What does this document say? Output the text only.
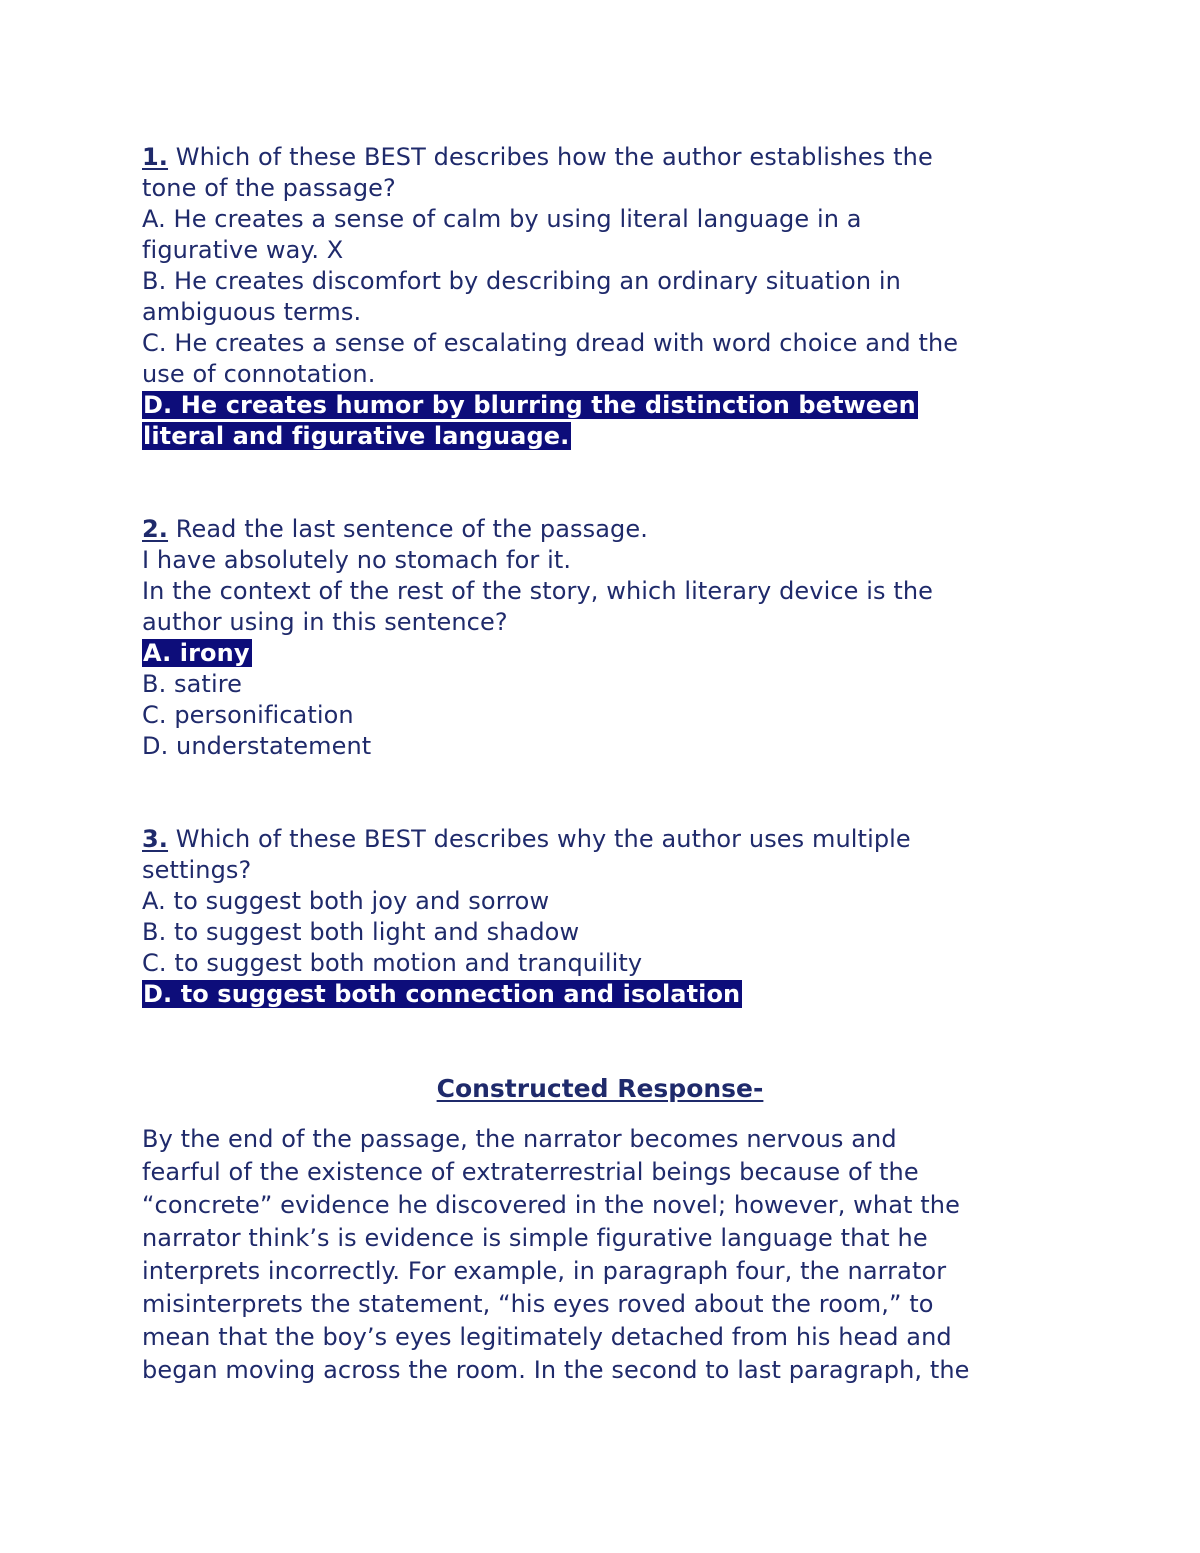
1. Which of these BEST describes how the author establishes the
tone of the passage?
A. He creates a sense of calm by using literal language in a
figurative way. X
B. He creates discomfort by describing an ordinary situation in
ambiguous terms.
C. He creates a sense of escalating dread with word choice and the
use of connotation.
D. He creates humor by blurring the distinction between
literal and figurative language.
2. Read the last sentence of the passage.
I have absolutely no stomach for it.
In the context of the rest of the story, which literary device is the
author using in this sentence?
A. irony
B. satire
C. personification
D. understatement
3. Which of these BEST describes why the author uses multiple
settings?
A. to suggest both joy and sorrow
B. to suggest both light and shadow
C. to suggest both motion and tranquility
D. to suggest both connection and isolation
Constructed Response-
By the end of the passage, the narrator becomes nervous and
fearful of the existence of extraterrestrial beings because of the
“concrete” evidence he discovered in the novel; however, what the
narrator think’s is evidence is simple figurative language that he
interprets incorrectly. For example, in paragraph four, the narrator
misinterprets the statement, “his eyes roved about the room,” to
mean that the boy’s eyes legitimately detached from his head and
began moving across the room. In the second to last paragraph, the
